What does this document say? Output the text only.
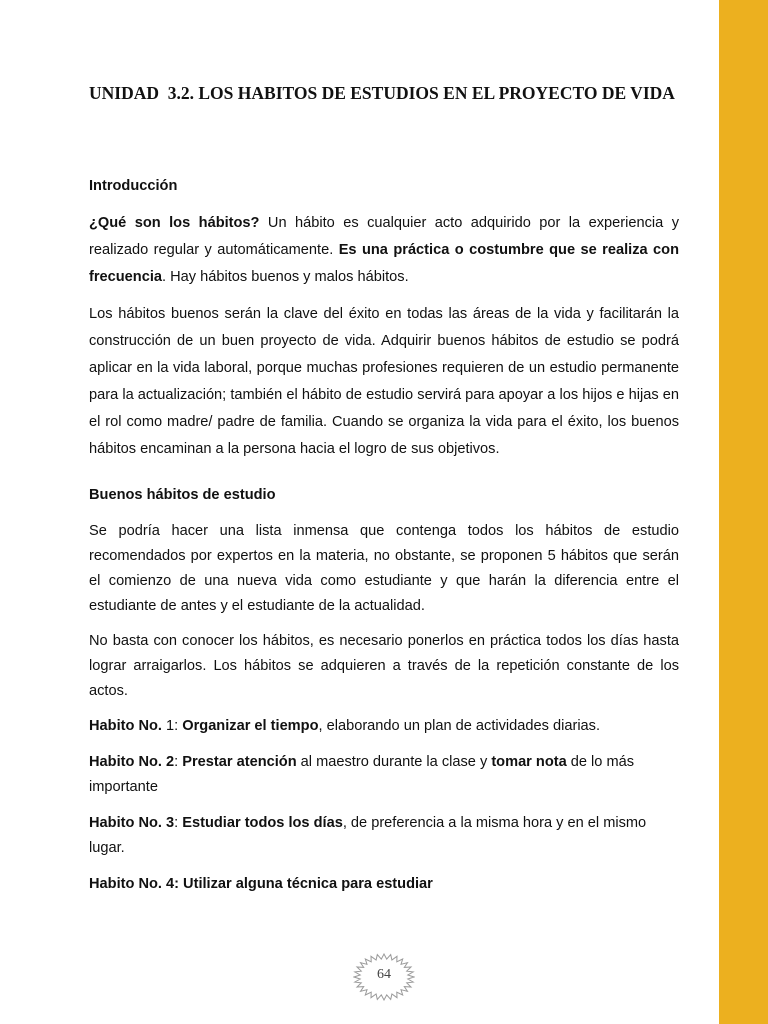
UNIDAD  3.2. LOS HABITOS DE ESTUDIOS EN EL PROYECTO DE VIDA
Introducción

¿Qué son los hábitos? Un hábito es cualquier acto adquirido por la experiencia y realizado regular y automáticamente. Es una práctica o costumbre que se realiza con frecuencia. Hay hábitos buenos y malos hábitos.

Los hábitos buenos serán la clave del éxito en todas las áreas de la vida y facilitarán la construcción de un buen proyecto de vida. Adquirir buenos hábitos de estudio se podrá aplicar en la vida laboral, porque muchas profesiones requieren de un estudio permanente para la actualización; también el hábito de estudio servirá para apoyar a los hijos e hijas en el rol como madre/ padre de familia. Cuando se organiza la vida para el éxito, los buenos hábitos encaminan a la persona hacia el logro de sus objetivos.

Buenos hábitos de estudio

Se podría hacer una lista inmensa que contenga todos los hábitos de estudio recomendados por expertos en la materia, no obstante, se proponen 5 hábitos que serán el comienzo de una nueva vida como estudiante y que harán la diferencia entre el estudiante de antes y el estudiante de la actualidad.

No basta con conocer los hábitos, es necesario ponerlos en práctica todos los días hasta lograr arraigarlos. Los hábitos se adquieren a través de la repetición constante de los actos.

Habito No. 1: Organizar el tiempo, elaborando un plan de actividades diarias.

Habito No. 2: Prestar atención al maestro durante la clase y tomar nota de lo más importante

Habito No. 3: Estudiar todos los días, de preferencia a la misma hora y en el mismo lugar.

Habito No. 4: Utilizar alguna técnica para estudiar

64
